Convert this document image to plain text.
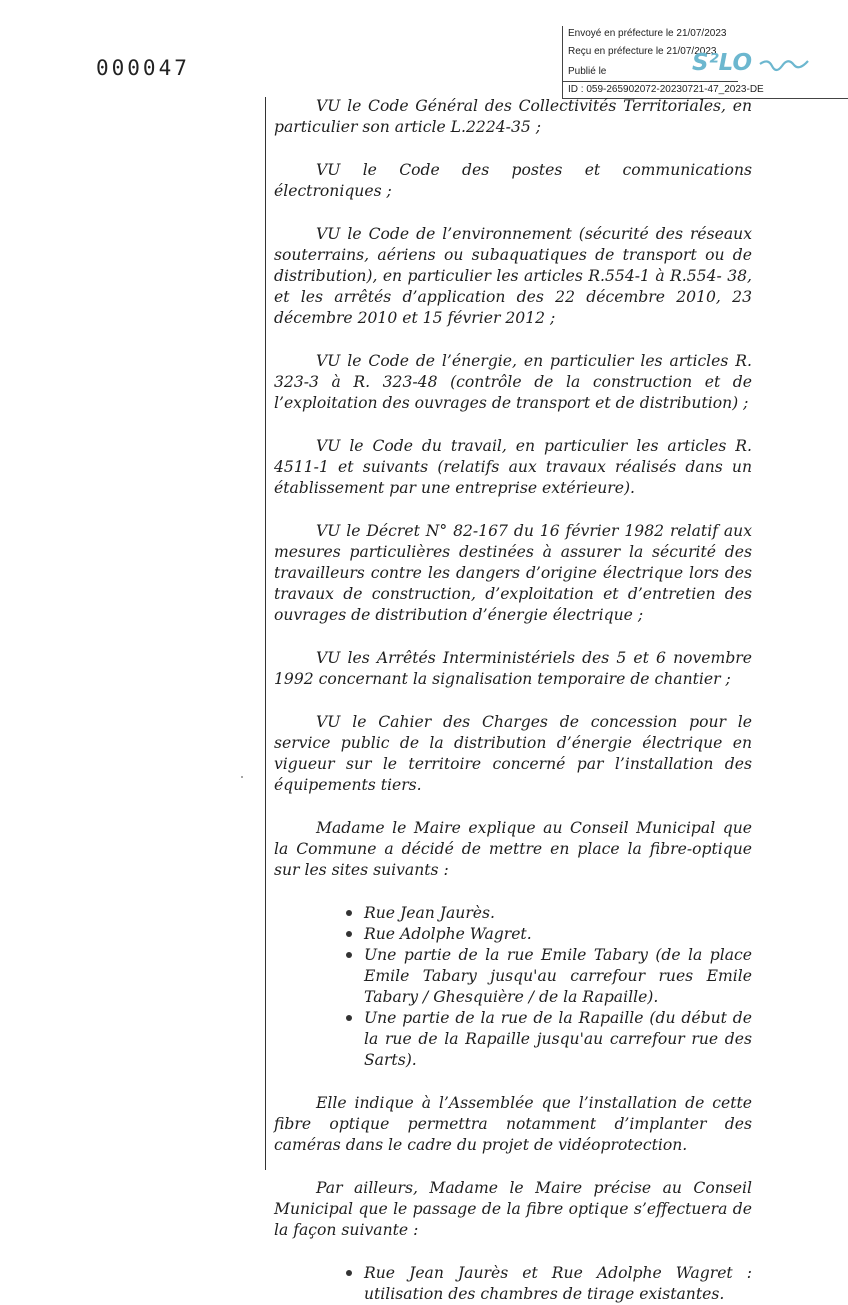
000047
Envoyé en préfecture le 21/07/2023
Reçu en préfecture le 21/07/2023
Publié le
ID : 059-265902072-20230721-47_2023-DE
S²LO

VU le Code Général des Collectivités Territoriales, en particulier son article L.2224-35 ;

VU le Code des postes et communications électroniques ;

VU le Code de l’environnement (sécurité des réseaux souterrains, aériens ou subaquatiques de transport ou de distribution), en particulier les articles R.554-1 à R.554- 38, et les arrêtés d’application des 22 décembre 2010, 23 décembre 2010 et 15 février 2012 ;

VU le Code de l’énergie, en particulier les articles R. 323-3 à R. 323-48 (contrôle de la construction et de l’exploitation des ouvrages de transport et de distribution) ;

VU le Code du travail, en particulier les articles R. 4511-1 et suivants (relatifs aux travaux réalisés dans un établissement par une entreprise extérieure).

VU le Décret N° 82-167 du 16 février 1982 relatif aux mesures particulières destinées à assurer la sécurité des travailleurs contre les dangers d’origine électrique lors des travaux de construction, d’exploitation et d’entretien des ouvrages de distribution d’énergie électrique ;

VU les Arrêtés Interministériels des 5 et 6 novembre 1992 concernant la signalisation temporaire de chantier ;

VU le Cahier des Charges de concession pour le service public de la distribution d’énergie électrique en vigueur sur le territoire concerné par l’installation des équipements tiers.

Madame le Maire explique au Conseil Municipal que la Commune a décidé de mettre en place la fibre-optique sur les sites suivants :

Rue Jean Jaurès.
Rue Adolphe Wagret.
Une partie de la rue Emile Tabary (de la place Emile Tabary jusqu'au carrefour rues Emile Tabary / Ghesquière / de la Rapaille).
Une partie de la rue de la Rapaille (du début de la rue de la Rapaille jusqu'au carrefour rue des Sarts).

Elle indique à l’Assemblée que l’installation de cette fibre optique permettra notamment d’implanter des caméras dans le cadre du projet de vidéoprotection.

Par ailleurs, Madame le Maire précise au Conseil Municipal que le passage de la fibre optique s’effectuera de la façon suivante :

Rue Jean Jaurès et Rue Adolphe Wagret : utilisation des chambres de tirage existantes.
